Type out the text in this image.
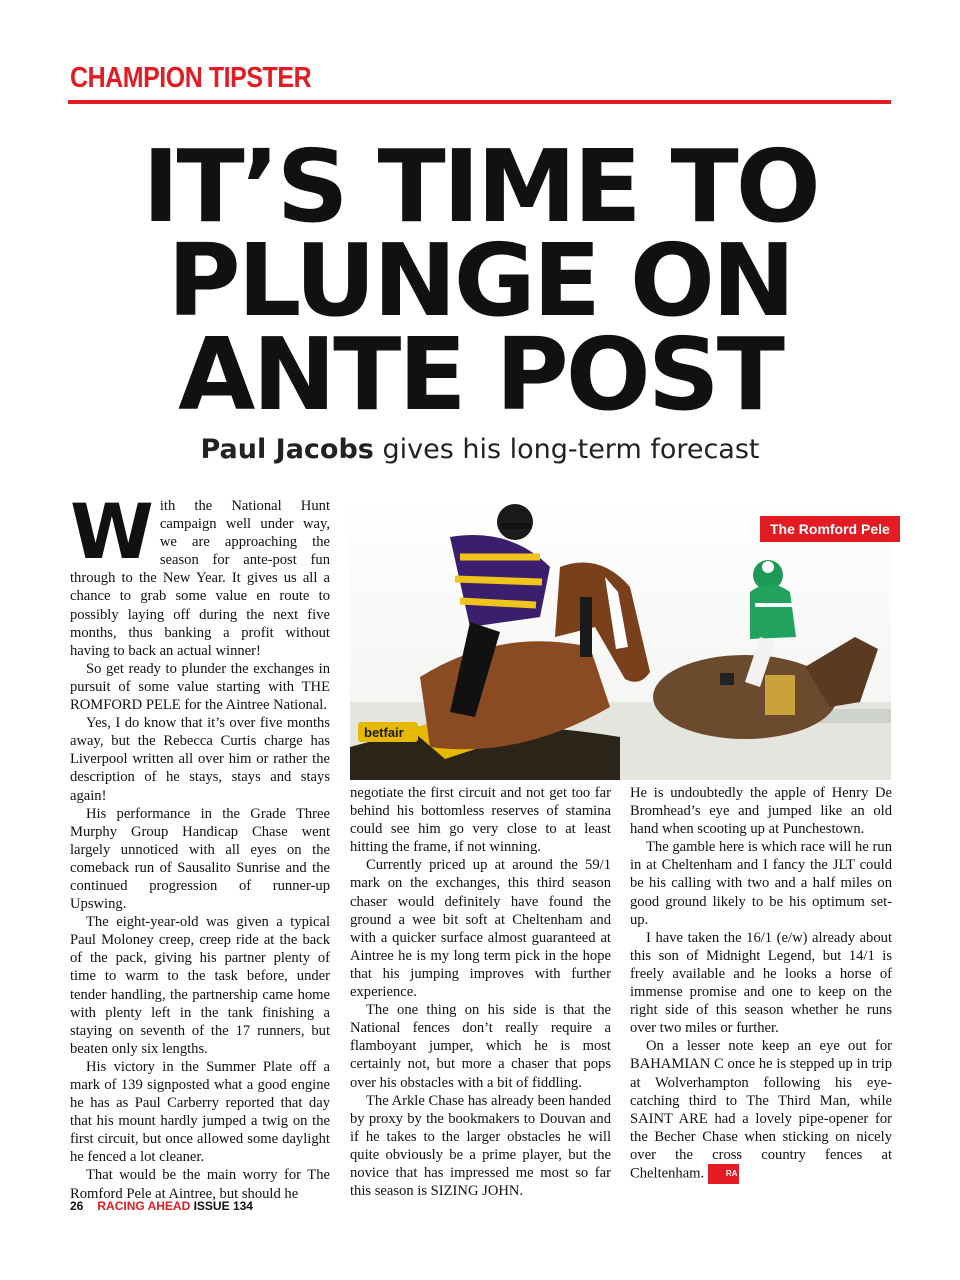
CHAMPION TIPSTER
IT’S TIME TO
PLUNGE ON
ANTE POST
Paul Jacobs gives his long-term forecast

With the National Hunt campaign well under way, we are approaching the season for ante-post fun through to the New Year. It gives us all a chance to grab some value en route to possibly laying off during the next five months, thus banking a profit without having to back an actual winner!

So get ready to plunder the exchanges in pursuit of some value starting with THE ROMFORD PELE for the Aintree National.

Yes, I do know that it’s over five months away, but the Rebecca Curtis charge has Liverpool written all over him or rather the description of he stays, stays and stays again!

His performance in the Grade Three Murphy Group Handicap Chase went largely unnoticed with all eyes on the comeback run of Sausalito Sunrise and the continued progression of runner-up Upswing.

The eight-year-old was given a typical Paul Moloney creep, creep ride at the back of the pack, giving his partner plenty of time to warm to the task before, under tender handling, the partnership came home with plenty left in the tank finishing a staying on seventh of the 17 runners, but beaten only six lengths.

His victory in the Summer Plate off a mark of 139 signposted what a good engine he has as Paul Carberry reported that day that his mount hardly jumped a twig on the first circuit, but once allowed some daylight he fenced a lot cleaner.

That would be the main worry for The Romford Pele at Aintree, but should he

betfair
The Romford Pele

negotiate the first circuit and not get too far behind his bottomless reserves of stamina could see him go very close to at least hitting the frame, if not winning.

Currently priced up at around the 59/1 mark on the exchanges, this third season chaser would definitely have found the ground a wee bit soft at Cheltenham and with a quicker surface almost guaranteed at Aintree he is my long term pick in the hope that his jumping improves with further experience.

The one thing on his side is that the National fences don’t really require a flamboyant jumper, which he is most certainly not, but more a chaser that pops over his obstacles with a bit of fiddling.

The Arkle Chase has already been handed by proxy by the bookmakers to Douvan and if he takes to the larger obstacles he will quite obviously be a prime player, but the novice that has impressed me most so far this season is SIZING JOHN.

He is undoubtedly the apple of Henry De Bromhead’s eye and jumped like an old hand when scooting up at Punchestown.

The gamble here is which race will he run in at Cheltenham and I fancy the JLT could be his calling with two and a half miles on good ground likely to be his optimum set-up.

I have taken the 16/1 (e/w) already about this son of Midnight Legend, but 14/1 is freely available and he looks a horse of immense promise and one to keep on the right side of this season whether he runs over two miles or further.

On a lesser note keep an eye out for BAHAMIAN C once he is stepped up in trip at Wolverhampton following his eye-catching third to The Third Man, while SAINT ARE had a lovely pipe-opener for the Becher Chase when sticking on nicely over the cross country fences at Cheltenham.	RA

26 RACING AHEAD ISSUE 134
